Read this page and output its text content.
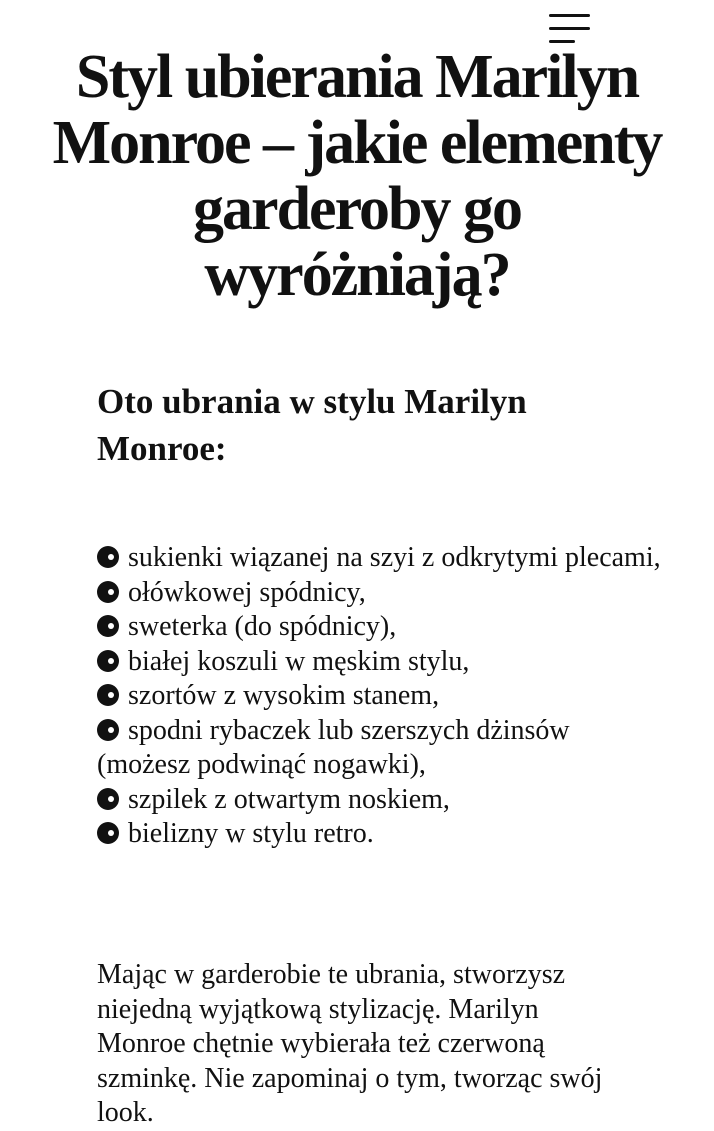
Styl ubierania Marilyn Monroe – jakie elementy garderoby go wyróżniają?
Oto ubrania w stylu Marilyn Monroe:
sukienki wiązanej na szyi z odkrytymi plecami,
ołówkowej spódnicy,
sweterka (do spódnicy),
białej koszuli w męskim stylu,
szortów z wysokim stanem,
spodni rybaczek lub szerszych dżinsów (możesz podwinąć nogawki),
szpilek z otwartym noskiem,
bielizny w stylu retro.

Mając w garderobie te ubrania, stworzysz niejedną wyjątkową stylizację. Marilyn Monroe chętnie wybierała też czerwoną szminkę. Nie zapominaj o tym, tworząc swój look.
